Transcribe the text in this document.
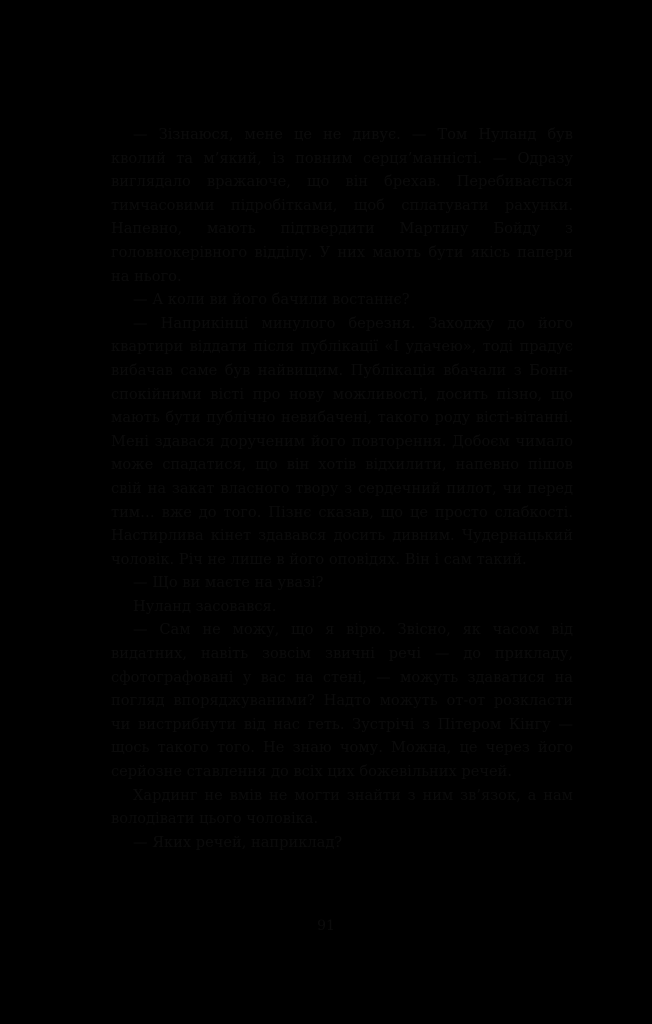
— Зізнаюся, мене це не дивує. — Том Нуланд був кволий та м’який, із повним серця’манністі. — Одразу виглядало вражаюче, що він брехав. Перебивається тимчасовими підробітками, щоб сплатувати рахунки. Напевно, мають підтвердити Мартину Бойду з головнокерівного відділу. У них мають бути якісь папери на нього.

— А коли ви його бачили востаннє?

— Наприкінці минулого березня. Заходжу до його квартири віддати після публікації «І удачею», тоді прадує вибачав саме був найвищим. Публікація вбачали з Бонн-спокійними вісті про нову можливості, досить пізно, що мають бути публічно невибачені, такого роду вісті-вітанні. Мені здавася дорученим його повторення. Добоєм чимало може спадатися, що він хотів відхилити, напевно пішов свій на закат власного твору з сердечний пилот, чи перед тим… вже до того. Пізнє сказав, що це просто слабкості. Настирлива кінет здавався досить дивним. Чудернацький чоловік. Річ не лише в його оповідях. Він і сам такий.

— Що ви маєте на увазі?

Нуланд засовався.

— Сам не можу, що я вірю. Звісно, як часом від видатних, навіть зовсім звичні речі — до прикладу, сфотографовані у вас на стені, — можуть здаватися на погляд впоряджуваними? Надто можуть от-от розкласти чи вистрибнути від нас геть. Зустрічі з Пітером Кінгу — щось такого того. Не знаю чому. Можна, це через його серйозне ставлення до всіх цих божевільних речей.

Хардинг не вмів не могти знайти з ним зв’язок, а нам володівати цього чоловіка.

— Яких речей, наприклад?

91
